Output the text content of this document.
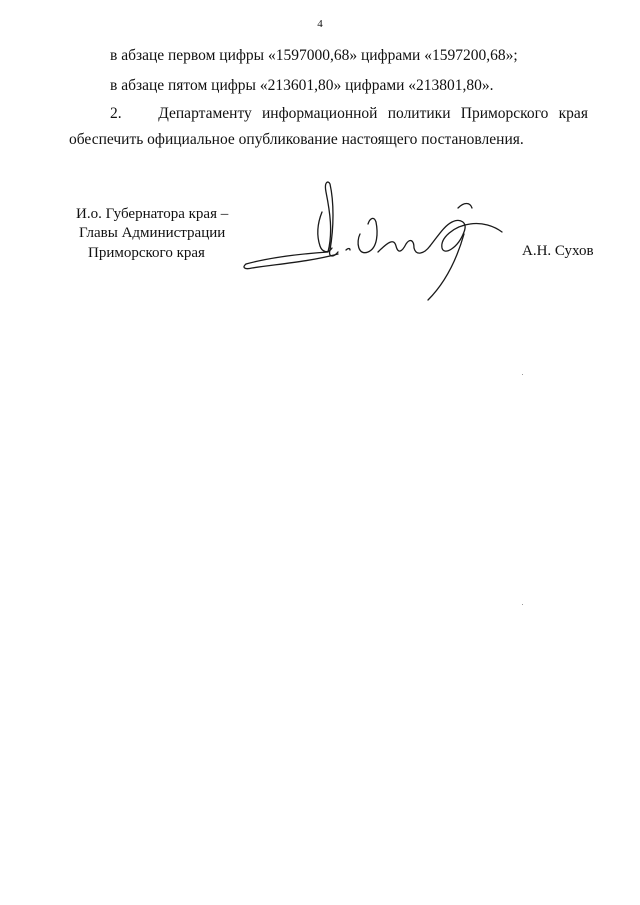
4
в абзаце первом цифры «1597000,68» цифрами «1597200,68»;
в абзаце пятом цифры «213601,80» цифрами «213801,80».
2.	Департаменту информационной политики Приморского края
обеспечить официальное опубликование настоящего постановления.
И.о. Губернатора края –
Главы Администрации
Приморского края	А.Н. Сухов
